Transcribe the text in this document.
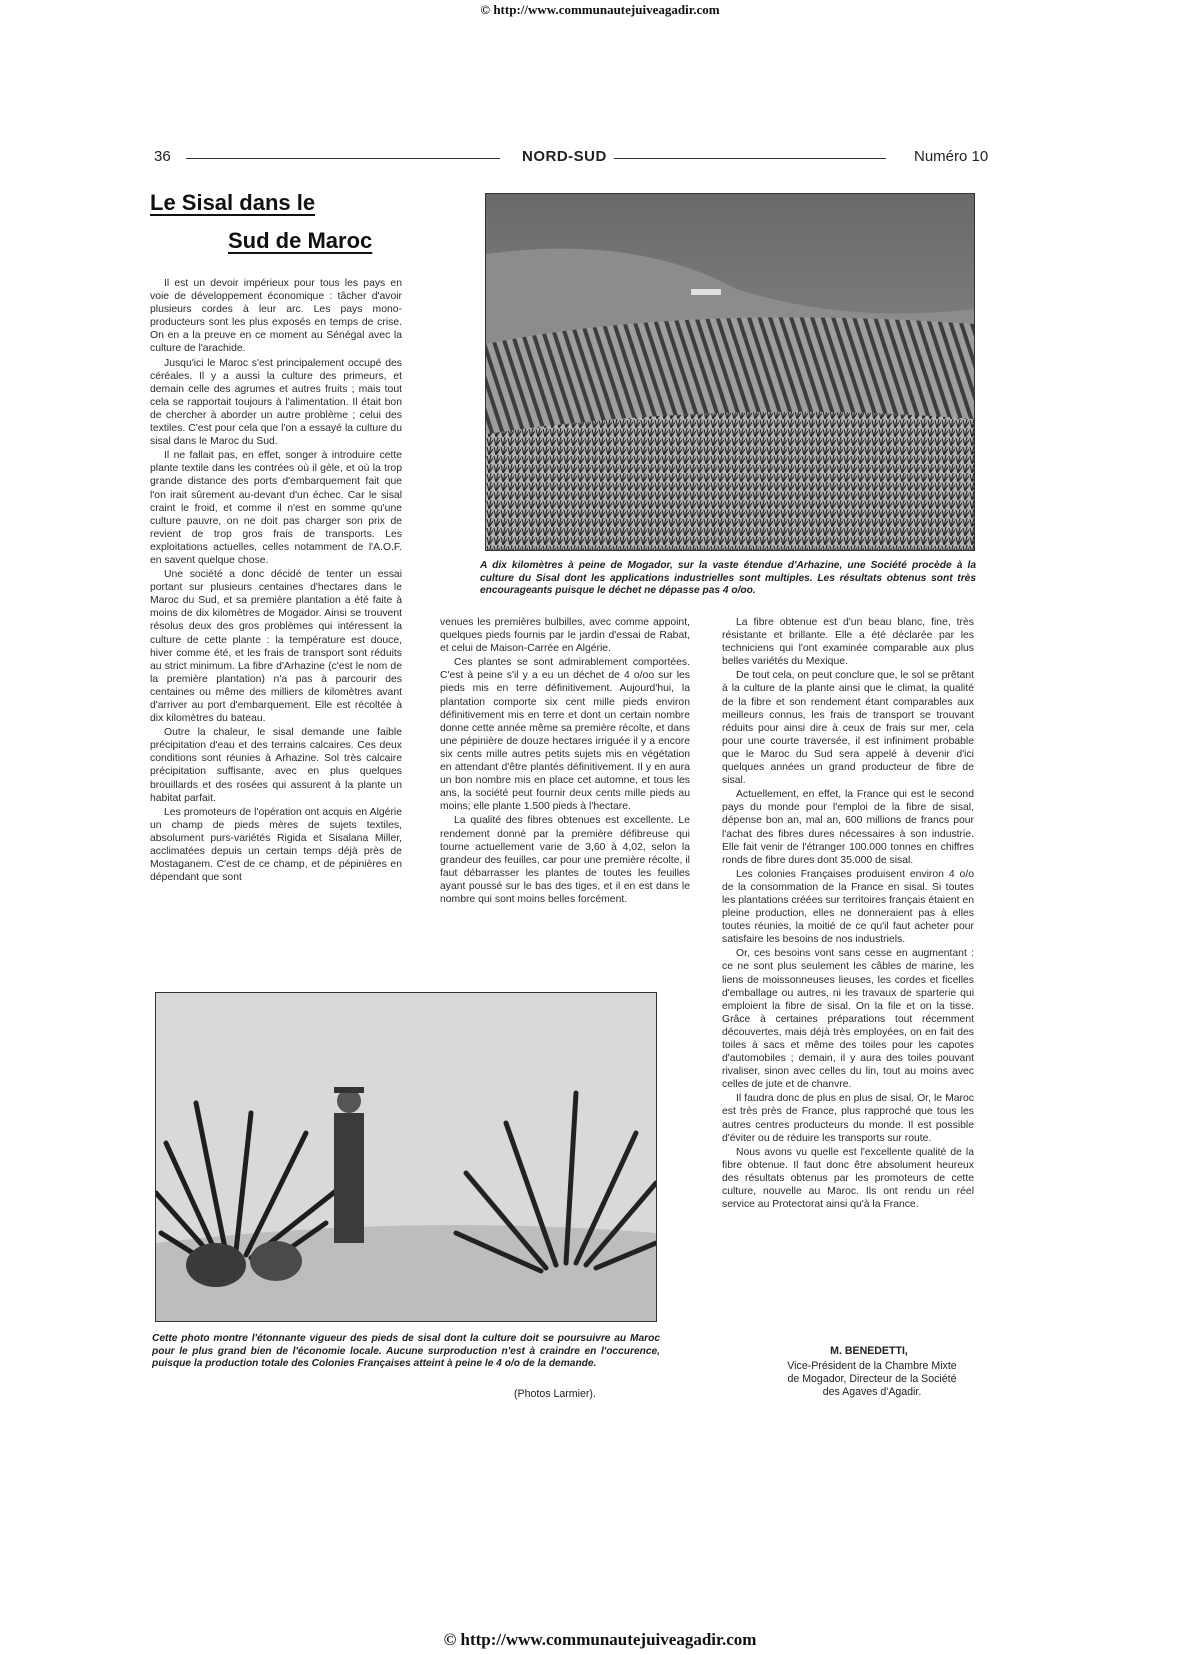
© http://www.communautejuiveagadir.com
36	NORD-SUD	Numéro 10
Le Sisal dans le
Sud de Maroc

Il est un devoir impérieux pour tous les pays en voie de développement économique : tâcher d'avoir plusieurs cordes à leur arc. Les pays mono-producteurs sont les plus exposés en temps de crise. On en a la preuve en ce moment au Sénégal avec la culture de l'arachide.

Jusqu'ici le Maroc s'est principalement occupé des céréales. Il y a aussi la culture des primeurs, et demain celle des agrumes et autres fruits ; mais tout cela se rapportait toujours à l'alimentation. Il était bon de chercher à aborder un autre problème ; celui des textiles. C'est pour cela que l'on a essayé la culture du sisal dans le Maroc du Sud.

Il ne fallait pas, en effet, songer à introduire cette plante textile dans les contrées où il gèle, et où la trop grande distance des ports d'embarquement fait que l'on irait sûrement au-devant d'un échec. Car le sisal craint le froid, et comme il n'est en somme qu'une culture pauvre, on ne doit pas charger son prix de revient de trop gros frais de transports. Les exploitations actuelles, celles notamment de l'A.O.F. en savent quelque chose.

Une société a donc décidé de tenter un essai portant sur plusieurs centaines d'hectares dans le Maroc du Sud, et sa première plantation a été faite à moins de dix kilomètres de Mogador. Ainsi se trouvent résolus deux des gros problèmes qui intéressent la culture de cette plante : la température est douce, hiver comme été, et les frais de transport sont réduits au strict minimum. La fibre d'Arhazine (c'est le nom de la première plantation) n'a pas à parcourir des centaines ou même des milliers de kilomètres avant d'arriver au port d'embarquement. Elle est récoltée à dix kilomètres du bateau.

Outre la chaleur, le sisal demande une faible précipitation d'eau et des terrains calcaires. Ces deux conditions sont réunies à Arhazine. Sol très calcaire précipitation suffisante, avec en plus quelques brouillards et des rosées qui assurent à la plante un habitat parfait.

Les promoteurs de l'opération ont acquis en Algérie un champ de pieds mères de sujets textiles, absolument purs-variétés Rigida et Sisalana Miller, acclimatées depuis un certain temps déjà près de Mostaganem. C'est de ce champ, et de pépinières en dépendant que sont

A dix kilomètres à peine de Mogador, sur la vaste étendue d'Arhazine, une Société procède à la culture du Sisal dont les applications industrielles sont multiples. Les résultats obtenus sont très encourageants puisque le déchet ne dépasse pas 4 o/oo.

venues les premières bulbilles, avec comme appoint, quelques pieds fournis par le jardin d'essai de Rabat, et celui de Maison-Carrée en Algérie.

Ces plantes se sont admirablement comportées. C'est à peine s'il y a eu un déchet de 4 o/oo sur les pieds mis en terre définitivement. Aujourd'hui, la plantation comporte six cent mille pieds environ définitivement mis en terre et dont un certain nombre donne cette année même sa première récolte, et dans une pépinière de douze hectares irriguée il y a encore six cents mille autres petits sujets mis en végétation en attendant d'être plantés définitivement. Il y en aura un bon nombre mis en place cet automne, et tous les ans, la société peut fournir deux cents mille pieds au moins; elle plante 1.500 pieds à l'hectare.

La qualité des fibres obtenues est excellente. Le rendement donné par la première défibreuse qui tourne actuellement varie de 3,60 à 4,02, selon la grandeur des feuilles, car pour une première récolte, il faut débarrasser les plantes de toutes les feuilles ayant poussé sur le bas des tiges, et il en est dans le nombre qui sont moins belles forcément.

La fibre obtenue est d'un beau blanc, fine, très résistante et brillante. Elle a été déclarée par les techniciens qui l'ont examinée comparable aux plus belles variétés du Mexique.

De tout cela, on peut conclure que, le sol se prêtant à la culture de la plante ainsi que le climat, la qualité de la fibre et son rendement étant comparables aux meilleurs connus, les frais de transport se trouvant réduits pour ainsi dire à ceux de frais sur mer, cela pour une courte traversée, il est infiniment probable que le Maroc du Sud sera appelé à devenir d'ici quelques années un grand producteur de fibre de sisal.

Actuellement, en effet, la France qui est le second pays du monde pour l'emploi de la fibre de sisal, dépense bon an, mal an, 600 millions de francs pour l'achat des fibres dures nécessaires à son industrie. Elle fait venir de l'étranger 100.000 tonnes en chiffres ronds de fibre dures dont 35.000 de sisal.

Les colonies Françaises produisent environ 4 o/o de la consommation de la France en sisal. Si toutes les plantations créées sur territoires français étaient en pleine production, elles ne donneraient pas à elles toutes réunies, la moitié de ce qu'il faut acheter pour satisfaire les besoins de nos industriels.

Or, ces besoins vont sans cesse en augmentant : ce ne sont plus seulement les câbles de marine, les liens de moissonneuses lieuses, les cordes et ficelles d'emballage ou autres, ni les travaux de sparterie qui emploient la fibre de sisal. On la file et on la tisse. Grâce à certaines préparations tout récemment découvertes, mais déjà très employées, on en fait des toiles à sacs et même des toiles pour les capotes d'automobiles ; demain, il y aura des toiles pouvant rivaliser, sinon avec celles du lin, tout au moins avec celles de jute et de chanvre.

Il faudra donc de plus en plus de sisal. Or, le Maroc est très près de France, plus rapproché que tous les autres centres producteurs du monde. Il est possible d'éviter ou de réduire les transports sur route.

Nous avons vu quelle est l'excellente qualité de la fibre obtenue. Il faut donc être absolument heureux des résultats obtenus par les promoteurs de cette culture, nouvelle au Maroc. Ils ont rendu un réel service au Protectorat ainsi qu'à la France.

Cette photo montre l'étonnante vigueur des pieds de sisal dont la culture doit se poursuivre au Maroc pour le plus grand bien de l'économie locale. Aucune surproduction n'est à craindre en l'occurence, puisque la production totale des Colonies Françaises atteint à peine le 4 o/o de la demande.
(Photos Larmier).
M. BENEDETTI,
Vice-Président de la Chambre Mixte
de Mogador, Directeur de la Société
des Agaves d'Agadir.
© http://www.communautejuiveagadir.com
